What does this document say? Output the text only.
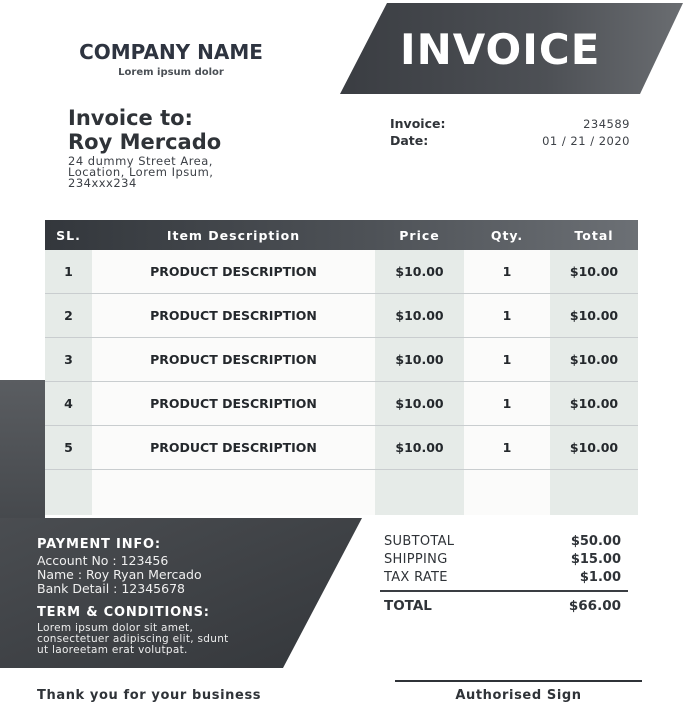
COMPANY NAME
Lorem ipsum dolor	INVOICE
Invoice to:
Roy Mercado
24 dummy Street Area,
Location, Lorem Ipsum,
234xxx234
Invoice:	234589
Date:	01 / 21 / 2020
SL.	Item Description	Price	Qty.	Total
1	PRODUCT DESCRIPTION	$10.00	1	$10.00
2	PRODUCT DESCRIPTION	$10.00	1	$10.00
3	PRODUCT DESCRIPTION	$10.00	1	$10.00
4	PRODUCT DESCRIPTION	$10.00	1	$10.00
5	PRODUCT DESCRIPTION	$10.00	1	$10.00
PAYMENT INFO:
Account No : 123456
Name : Roy Ryan Mercado
Bank Detail : 12345678
TERM & CONDITIONS:
Lorem ipsum dolor sit amet,
consectetuer adipiscing elit, sdunt
ut laoreetam erat volutpat.
SUBTOTAL	$50.00
SHIPPING	$15.00
TAX RATE	$1.00
TOTAL	$66.00
Thank you for your business	Authorised Sign
